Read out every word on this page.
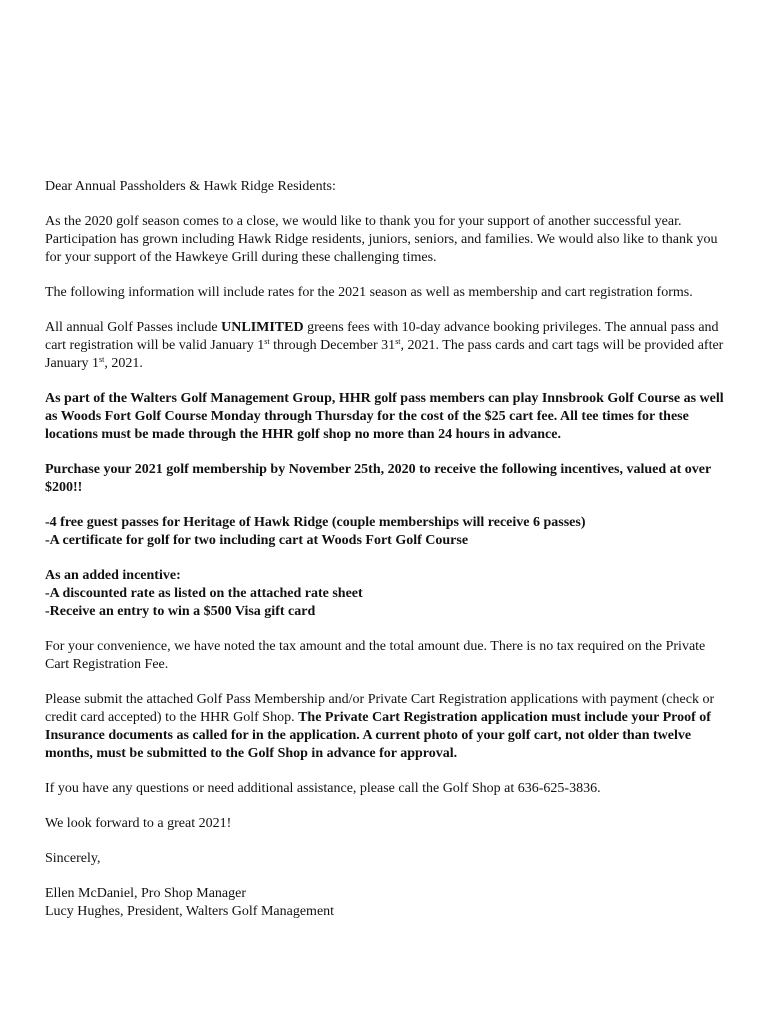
Dear Annual Passholders & Hawk Ridge Residents:

As the 2020 golf season comes to a close, we would like to thank you for your support of another successful year. Participation has grown including Hawk Ridge residents, juniors, seniors, and families. We would also like to thank you for your support of the Hawkeye Grill during these challenging times.

The following information will include rates for the 2021 season as well as membership and cart registration forms.

All annual Golf Passes include UNLIMITED greens fees with 10-day advance booking privileges. The annual pass and cart registration will be valid January 1st through December 31st, 2021. The pass cards and cart tags will be provided after January 1st, 2021.

As part of the Walters Golf Management Group, HHR golf pass members can play Innsbrook Golf Course as well as Woods Fort Golf Course Monday through Thursday for the cost of the $25 cart fee. All tee times for these locations must be made through the HHR golf shop no more than 24 hours in advance.

Purchase your 2021 golf membership by November 25th, 2020 to receive the following incentives, valued at over $200!!

-4 free guest passes for Heritage of Hawk Ridge (couple memberships will receive 6 passes)
-A certificate for golf for two including cart at Woods Fort Golf Course

As an added incentive:
-A discounted rate as listed on the attached rate sheet
-Receive an entry to win a $500 Visa gift card

For your convenience, we have noted the tax amount and the total amount due. There is no tax required on the Private Cart Registration Fee.

Please submit the attached Golf Pass Membership and/or Private Cart Registration applications with payment (check or credit card accepted) to the HHR Golf Shop. The Private Cart Registration application must include your Proof of Insurance documents as called for in the application. A current photo of your golf cart, not older than twelve months, must be submitted to the Golf Shop in advance for approval.

If you have any questions or need additional assistance, please call the Golf Shop at 636-625-3836.

We look forward to a great 2021!

Sincerely,

Ellen McDaniel, Pro Shop Manager
Lucy Hughes, President, Walters Golf Management
